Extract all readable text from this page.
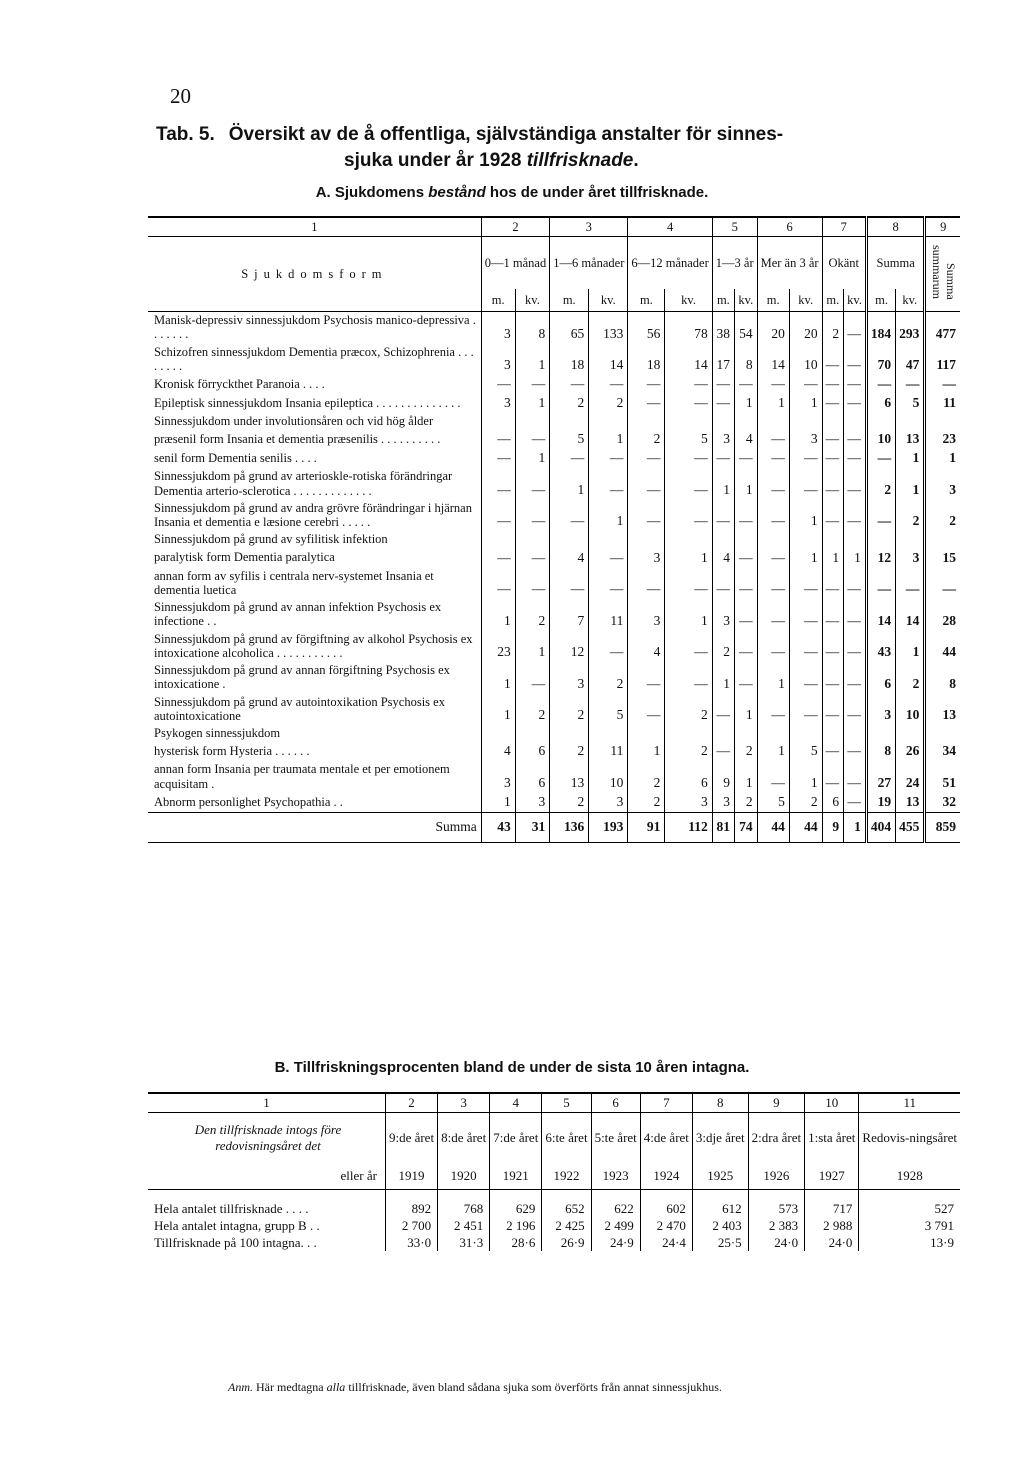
20
Tab. 5. Översikt av de å offentliga, självständiga anstalter för sinnes-
sjuka under år 1928 tillfrisknade.
A. Sjukdomens bestånd hos de under året tillfrisknade.
1	2		3		4		5		6		7		8		9
Sjukdomsform	0—1 månad		1—6 månader		6—12 månader		1—3 år		Mer än 3 år		Okänt		Summa		summarumSumma
	m.	kv.	m.	kv.	m.	kv.	m.	kv.	m.	kv.	m.	kv.	m.	kv.	
Manisk-depressiv sinnessjukdom Psychosis manico-depressiva . . . . . . .	3	8	65	133	56	78	38	54	20	20	2	—	184	293	477
Schizofren sinnessjukdom Dementia præcox, Schizophrenia . . . . . . . .	3	1	18	14	18	14	17	8	14	10	—	—	70	47	117
Kronisk förryckthet Paranoia . . . .	—	—	—	—	—	—	—	—	—	—	—	—	—	—	—
Epileptisk sinnessjukdom Insania epileptica . . . . . . . . . . . . . .	3	1	2	2	—	—	—	1	1	1	—	—	6	5	11
Sinnessjukdom under involutionsåren och vid hög ålder															
præsenil form Insania et dementia præsenilis . . . . . . . . . .	—	—	5	1	2	5	3	4	—	3	—	—	10	13	23
senil form Dementia senilis . . . .	—	1	—	—	—	—	—	—	—	—	—	—	—	1	1
Sinnessjukdom på grund av arterioskle-rotiska förändringar Dementia arterio-sclerotica . . . . . . . . . . . . .	—	—	1	—	—	—	1	1	—	—	—	—	2	1	3
Sinnessjukdom på grund av andra grövre förändringar i hjärnan Insania et dementia e læsione cerebri . . . . .	—	—	—	1	—	—	—	—	—	1	—	—	—	2	2
Sinnessjukdom på grund av syfilitisk infektion															
paralytisk form Dementia paralytica	—	—	4	—	3	1	4	—	—	1	1	1	12	3	15
annan form av syfilis i centrala nerv-systemet Insania et dementia luetica	—	—	—	—	—	—	—	—	—	—	—	—	—	—	—
Sinnessjukdom på grund av annan infektion Psychosis ex infectione . .	1	2	7	11	3	1	3	—	—	—	—	—	14	14	28
Sinnessjukdom på grund av förgiftning av alkohol Psychosis ex intoxicatione alcoholica . . . . . . . . . . .	23	1	12	—	4	—	2	—	—	—	—	—	43	1	44
Sinnessjukdom på grund av annan förgiftning Psychosis ex intoxicatione .	1	—	3	2	—	—	1	—	1	—	—	—	6	2	8
Sinnessjukdom på grund av autointoxikation Psychosis ex autointoxicatione	1	2	2	5	—	2	—	1	—	—	—	—	3	10	13
Psykogen sinnessjukdom															
hysterisk form Hysteria . . . . . .	4	6	2	11	1	2	—	2	1	5	—	—	8	26	34
annan form Insania per traumata mentale et per emotionem acquisitam .	3	6	13	10	2	6	9	1	—	1	—	—	27	24	51
Abnorm personlighet Psychopathia . .	1	3	2	3	2	3	3	2	5	2	6	—	19	13	32
Summa	43	31	136	193	91	112	81	74	44	44	9	1	404	455	859
B. Tillfriskningsprocenten bland de under de sista 10 åren intagna.
1	2	3	4	5	6	7	8	9	10	11
Den tillfrisknade intogs före redovisningsåret det	9:de året	8:de året	7:de året	6:te året	5:te året	4:de året	3:dje året	2:dra året	1:sta året	Redovis-ningsåret
eller år	1919	1920	1921	1922	1923	1924	1925	1926	1927	1928
Hela antalet tillfrisknade . . . .	892	768	629	652	622	602	612	573	717	527
Hela antalet intagna, grupp B . .	2 700	2 451	2 196	2 425	2 499	2 470	2 403	2 383	2 988	3 791
Tillfrisknade på 100 intagna. . .	33·0	31·3	28·6	26·9	24·9	24·4	25·5	24·0	24·0	13·9
Anm. Här medtagna alla tillfrisknade, även bland sådana sjuka som överförts från annat sinnessjukhus.
